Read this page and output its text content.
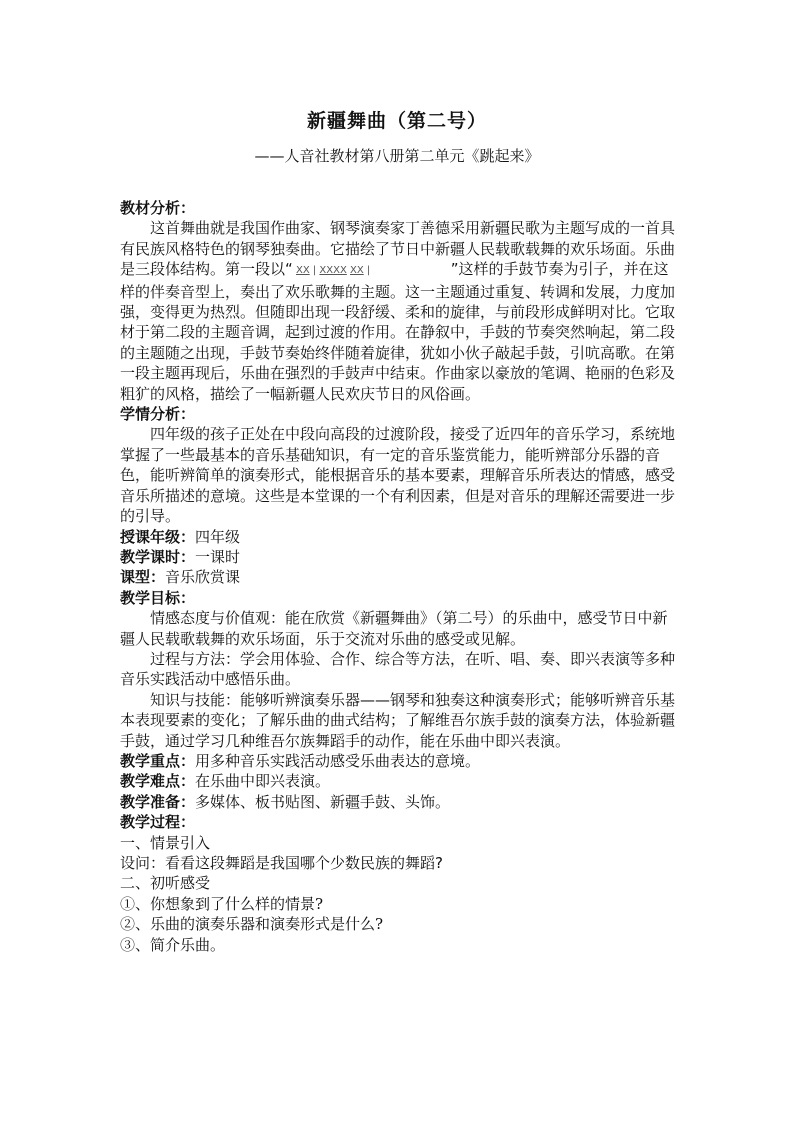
新疆舞曲（第二号）
——人音社教材第八册第二单元《跳起来》

教材分析：

这首舞曲就是我国作曲家、钢琴演奏家丁善德采用新疆民歌为主题写成的一首具有民族风格特色的钢琴独奏曲。它描绘了节日中新疆人民载歌载舞的欢乐场面。乐曲是三段体结构。第一段以“ XX | XXXX XX |	”这样的手鼓节奏为引子，并在这样的伴奏音型上，奏出了欢乐歌舞的主题。这一主题通过重复、转调和发展，力度加强，变得更为热烈。但随即出现一段舒缓、柔和的旋律，与前段形成鲜明对比。它取材于第二段的主题音调，起到过渡的作用。在静叙中，手鼓的节奏突然响起，第二段的主题随之出现，手鼓节奏始终伴随着旋律，犹如小伙子敲起手鼓，引吭高歌。在第一段主题再现后，乐曲在强烈的手鼓声中结束。作曲家以豪放的笔调、艳丽的色彩及粗犷的风格，描绘了一幅新疆人民欢庆节日的风俗画。

学情分析：

四年级的孩子正处在中段向高段的过渡阶段，接受了近四年的音乐学习，系统地掌握了一些最基本的音乐基础知识，有一定的音乐鉴赏能力，能听辨部分乐器的音色，能听辨简单的演奏形式，能根据音乐的基本要素，理解音乐所表达的情感，感受音乐所描述的意境。这些是本堂课的一个有利因素，但是对音乐的理解还需要进一步的引导。

授课年级：四年级

教学课时：一课时

课型：音乐欣赏课

教学目标：

情感态度与价值观：能在欣赏《新疆舞曲》（第二号）的乐曲中，感受节日中新疆人民载歌载舞的欢乐场面，乐于交流对乐曲的感受或见解。

过程与方法：学会用体验、合作、综合等方法，在听、唱、奏、即兴表演等多种音乐实践活动中感悟乐曲。

知识与技能：能够听辨演奏乐器——钢琴和独奏这种演奏形式；能够听辨音乐基本表现要素的变化；了解乐曲的曲式结构；了解维吾尔族手鼓的演奏方法，体验新疆手鼓，通过学习几种维吾尔族舞蹈手的动作，能在乐曲中即兴表演。

教学重点：用多种音乐实践活动感受乐曲表达的意境。

教学难点：在乐曲中即兴表演。

教学准备：多媒体、板书贴图、新疆手鼓、头饰。

教学过程：

一、情景引入

设问：看看这段舞蹈是我国哪个少数民族的舞蹈?

二、初听感受

①、你想象到了什么样的情景?

②、乐曲的演奏乐器和演奏形式是什么?

③、简介乐曲。
